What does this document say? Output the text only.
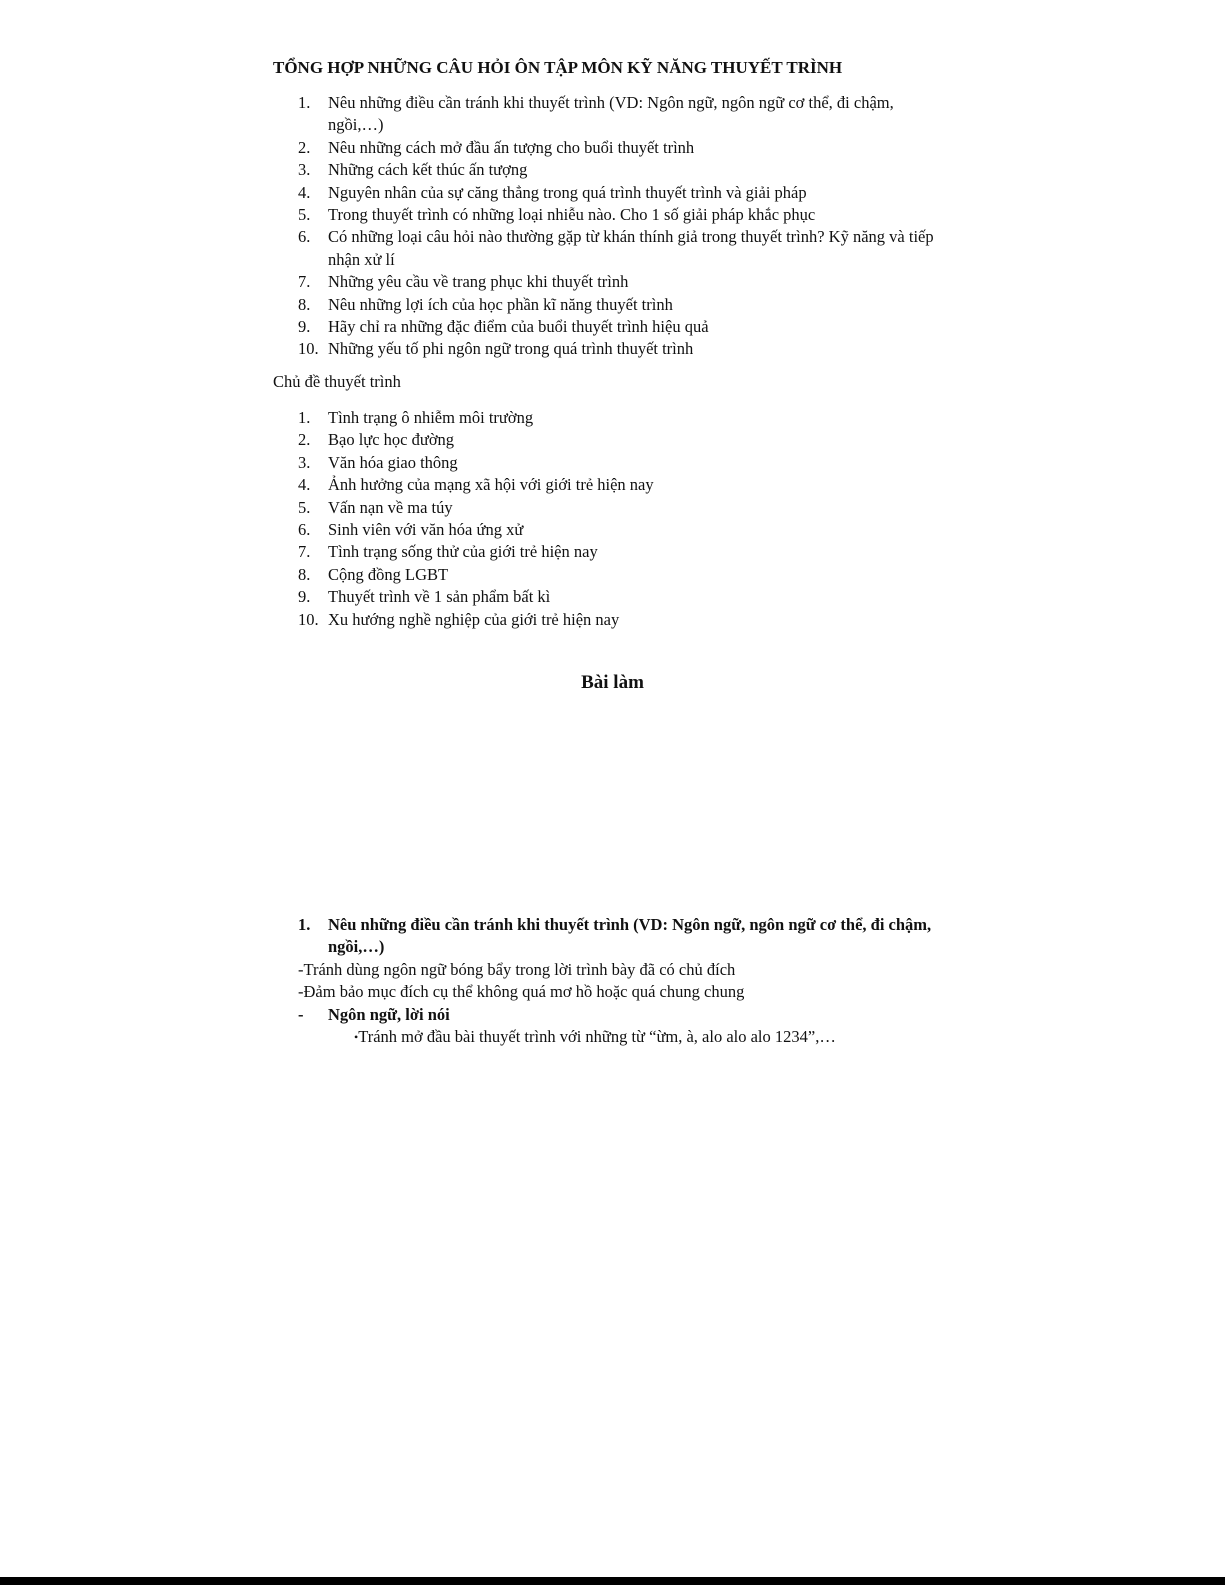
TỔNG HỢP NHỮNG CÂU HỎI ÔN TẬP MÔN KỸ NĂNG THUYẾT TRÌNH
1. Nêu những điều cần tránh khi thuyết trình (VD: Ngôn ngữ, ngôn ngữ cơ thể, đi chậm, ngồi,…)
2. Nêu những cách mở đầu ấn tượng cho buổi thuyết trình
3. Những cách kết thúc ấn tượng
4. Nguyên nhân của sự căng thẳng trong quá trình thuyết trình và giải pháp
5. Trong thuyết trình có những loại nhiễu nào. Cho 1 số giải pháp khắc phục
6. Có những loại câu hỏi nào thường gặp từ khán thính giả trong thuyết trình? Kỹ năng và tiếp nhận xử lí
7. Những yêu cầu về trang phục khi thuyết trình
8. Nêu những lợi ích của học phần kĩ năng thuyết trình
9. Hãy chỉ ra những đặc điểm của buổi thuyết trình hiệu quả
10. Những yếu tố phi ngôn ngữ trong quá trình thuyết trình

Chủ đề thuyết trình

1. Tình trạng ô nhiễm môi trường
2. Bạo lực học đường
3. Văn hóa giao thông
4. Ảnh hưởng của mạng xã hội với giới trẻ hiện nay
5. Vấn nạn về ma túy
6. Sinh viên với văn hóa ứng xử
7. Tình trạng sống thử của giới trẻ hiện nay
8. Cộng đồng LGBT
9. Thuyết trình về 1 sản phẩm bất kì
10. Xu hướng nghề nghiệp của giới trẻ hiện nay
Bài làm
1. Nêu những điều cần tránh khi thuyết trình (VD: Ngôn ngữ, ngôn ngữ cơ thể, đi chậm, ngồi,…)
-Tránh dùng ngôn ngữ bóng bẩy trong lời trình bày đã có chủ đích
-Đảm bảo mục đích cụ thể không quá mơ hồ hoặc quá chung chung
- Ngôn ngữ, lời nói
•Tránh mở đầu bài thuyết trình với những từ “ừm, à, alo alo alo 1234”,…
